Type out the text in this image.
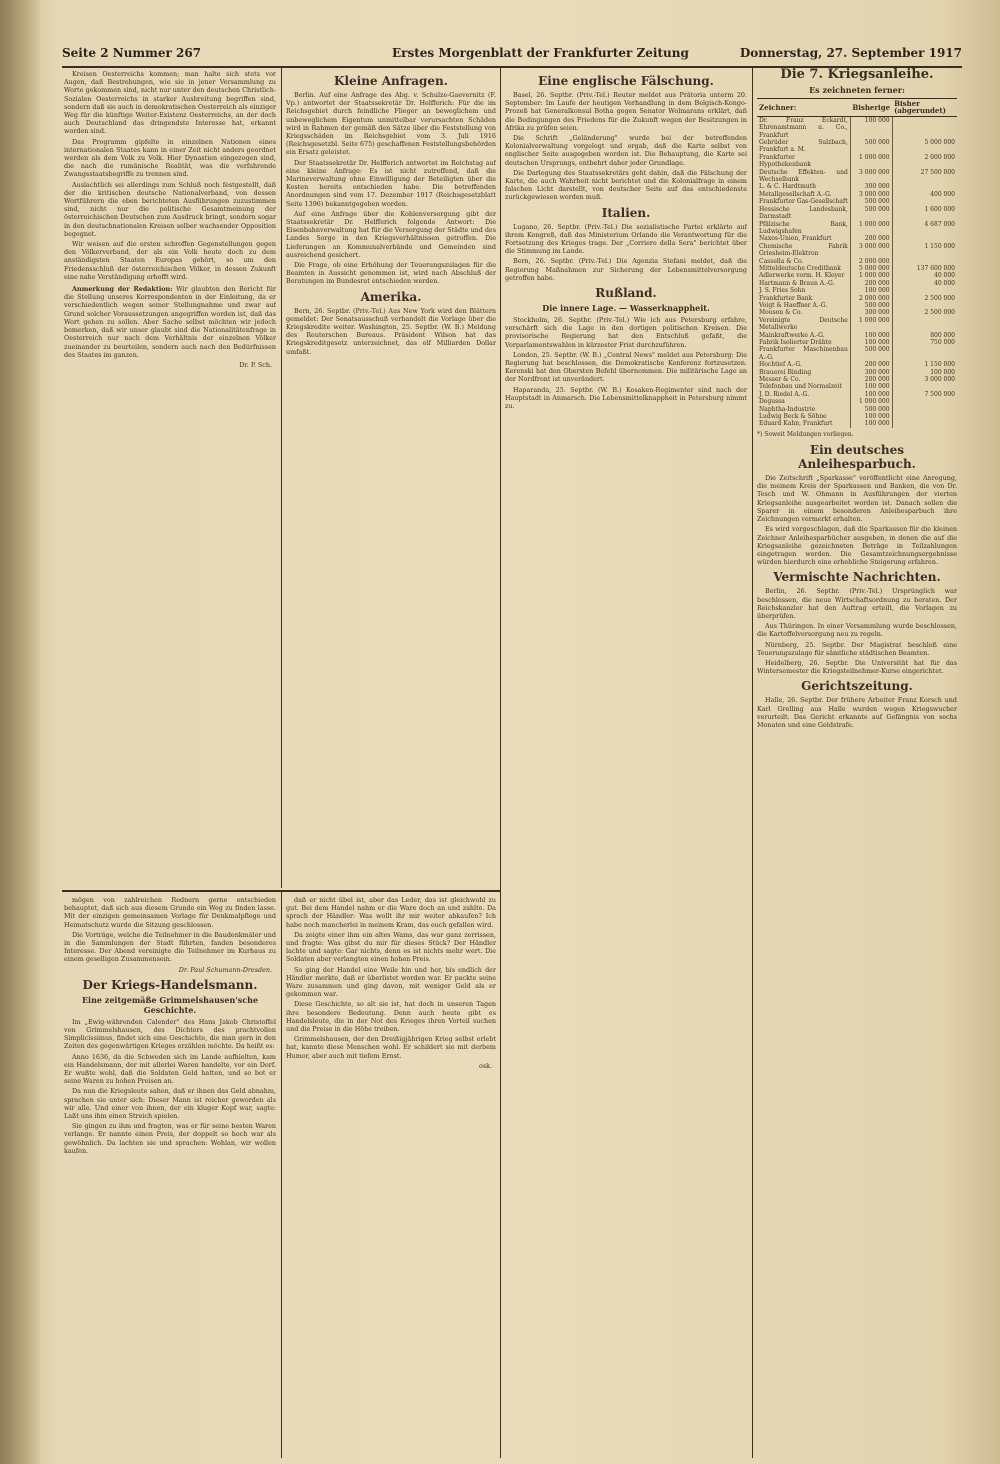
Seite 2 Nummer 267	Erstes Morgenblatt der Frankfurter Zeitung	Donnerstag, 27. September 1917

Kreisen Oesterreichs kommen; man halte sich stets vor Augen, daß Bestrebungen, wie sie in jener Versammlung zu Worte gekommen sind, nicht nur unter den deutschen Christlich-Sozialen Oesterreichs in starker Ausbreitung begriffen sind, sondern daß sie auch in demokratischen Oesterreich als einziger Weg für die künftige Weiter-Existenz Oesterreichs, an der doch auch Deutschland das dringendste Interesse hat, erkannt worden sind.

Das Programm gipfelte in einzelnen Nationen eines internationalen Staates kann in einer Zeit nicht anders geordnet werden als dem Volk zu Volk. Hier Dynastien eingezogen sind, die nach die rumänische Realität, was die verfahrende Zwangsstaatsbegriffe zu trennen sind.

Auslachtlich sei allerdings zum Schluß noch festgestellt, daß der die kritischen deutsche Nationalverband, von dessen Wortführern die eben berichteten Ausführungen zuzustimmen sind, nicht nur die politische Gesamtmeinung der österreichischen Deutschen zum Ausdruck bringt, sondern sogar in den deutschnationalen Kreisen selber wachsender Opposition begegnet.

Wir weisen auf die ersten schroffen Gegenstellungen gegen den Völkerverband, der als ein Volk heute doch zu dem anständigsten Staaten Europas gehört, so um den Friedensschluß der österreichischen Völker, in dessen Zukunft eine nahe Verständigung erhofft wird.

Anmerkung der Redaktion: Wir glaubten den Bericht für die Stellung unseres Korrespondenten in der Einleitung, da er verschiedentlich wegen seiner Stellungnahme und zwar auf Grund solcher Voraussetzungen angegriffen worden ist, daß das Wort gehen zu sollen. Aber Sache selbst möchten wir jedoch bemerken, daß wir unser glaubt sind die Nationalitätenfrage in Oesterreich nur nach dem Verhältnis der einzelnen Völker zueinander zu beurteilen, sondern auch nach den Bedürfnissen des Staates im ganzen.

Dr. P. Sch.
Kleine Anfragen.

Berlin. Auf eine Anfrage des Abg. v. Schulze-Gaevernitz (F. Vp.) antwortet der Staatssekretär Dr. Helfferich: Für die im Reichsgebiet durch feindliche Flieger an beweglichem und unbeweglichem Eigentum unmittelbar verursachten Schäden wird in Rahmen der gemäß den Sätze über die Feststellung von Kriegsschäden im Reichsgebiet vom 3. Juli 1916 (Reichsgesetzbl. Seite 675) geschaffenen Feststellungsbehörden ein Ersatz geleistet.

Der Staatssekretär Dr. Helfferich antwortet im Reichstag auf eine kleine Anfrage: Es ist nicht zutreffend, daß die Marineverwaltung ohne Einwilligung der Beteiligten über die Kosten bereits entschieden habe. Die betreffenden Anordnungen sind vom 17. Dezember 1917 (Reichsgesetzblatt Seite 1396) bekanntgegeben worden.

Auf eine Anfrage über die Kohlenversorgung gibt der Staatssekretär Dr. Helfferich folgende Antwort: Die Eisenbahnverwaltung hat für die Versorgung der Städte und des Landes Sorge in den Kriegsverhältnissen getroffen. Die Lieferungen an Kommunalverbände und Gemeinden sind ausreichend gesichert.

Die Frage, ob eine Erhöhung der Teuerungszulagen für die Beamten in Aussicht genommen ist, wird nach Abschluß der Beratungen im Bundesrat entschieden werden.

Amerika.

Bern, 26. Septbr. (Priv.-Tel.) Aus New York wird den Blättern gemeldet: Der Senatsausschuß verhandelt die Vorlage über die Kriegskredite weiter. Washington, 25. Septbr. (W. B.) Meldung des Reuterschen Bureaus. Präsident Wilson hat das Kriegskreditgesetz unterzeichnet, das elf Milliarden Dollar umfaßt.

Eine englische Fälschung.

Basel, 26. Septbr. (Priv.-Tel.) Reuter meldet aus Prätoria unterm 20. September: Im Laufe der heutigen Verhandlung in dem Belgisch-Kongo-Prozeß hat Generalkonsul Botha gegen Senator Wolmarans erklärt, daß die Bedingungen des Friedens für die Zukunft wegen der Besitzungen in Afrika zu prüfen seien.

Die Schrift „Geländerung" wurde bei der betreffenden Kolonialverwaltung vorgelegt und ergab, daß die Karte selbst von englischer Seite ausgegeben worden ist. Die Behauptung, die Karte sei deutschen Ursprungs, entbehrt daher jeder Grundlage.

Die Darlegung des Staatssekretärs geht dahin, daß die Fälschung der Karte, die auch Wahrheit nicht berichtet und die Kolonialfrage in einem falschen Licht darstellt, von deutscher Seite auf das entschiedenste zurückgewiesen werden muß.

Italien.

Lugano, 26. Septbr. (Priv.-Tel.) Die sozialistische Partei erklärte auf ihrem Kongreß, daß das Ministerium Orlando die Verantwortung für die Fortsetzung des Krieges trage. Der „Corriere della Sera" berichtet über die Stimmung im Lande.

Bern, 26. Septbr. (Priv.-Tel.) Die Agenzia Stefani meldet, daß die Regierung Maßnahmen zur Sicherung der Lebensmittelversorgung getroffen habe.

Rußland.
Die innere Lage. — Wasserknappheit.

Stockholm, 26. Septbr. (Priv.-Tel.) Wie ich aus Petersburg erfahre, verschärft sich die Lage in den dortigen politischen Kreisen. Die provisorische Regierung hat den Entschluß gefaßt, die Vorparlamentswahlen in kürzester Frist durchzuführen.

London, 25. Septbr. (W. B.) „Central News" meldet aus Petersburg: Die Regierung hat beschlossen, die Demokratische Konferenz fortzusetzen. Kerenski hat den Obersten Befehl übernommen. Die militärische Lage an der Nordfront ist unverändert.

Haparanda, 25. Septbr. (W. B.) Kosaken-Regimenter sind nach der Hauptstadt in Anmarsch. Die Lebensmittelknappheit in Petersburg nimmt zu.

Die 7. Kriegsanleihe.
Es zeichneten ferner:
Zeichner:	Bisherige	Bisher (abgerundet)
Dr. Franz Eckardt, Ehrenamtmann u. Co., Frankfurt	100 000	
Gebrüder Sulzbach, Frankfurt a. M.	500 000	5 000 000
Frankfurter Hypothekenbank	1 000 000	2 000 000
Deutsche Effekten- und Wechselbank	3 000 000	27 500 000
L. & C. Hardtmuth	300 000	
Metallgesellschaft A.-G.	3 000 000	400 000
Frankfurter Gas-Gesellschaft	500 000	
Hessische Landesbank, Darmstadt	500 000	1 600 000
Pfälzische Bank, Ludwigshafen	1 000 000	4 687 000
Naxos-Union, Frankfurt	200 000	
Chemische Fabrik Griesheim-Elektron	3 000 000	1 150 000
Cassella & Co.	2 000 000	
Mitteldeutsche Creditbank	5 000 000	137 600 000
Adlerwerke vorm. H. Kleyer	1 000 000	40 000
Hartmann & Braun A.-G.	200 000	40 000
J. S. Fries Sohn	100 000	
Frankfurter Bank	2 000 000	2 500 000
Voigt & Haeffner A.-G.	500 000	
Mouson & Co.	300 000	2 500 000
Vereinigte Deutsche Metallwerke	1 000 000	
Mainkraftwerke A.-G.	100 000	800 000
Fabrik Isolierter Drähte	100 000	750 000
Frankfurter Maschinenbau A.-G.	500 000	
Hochtief A.-G.	200 000	1 150 000
Brauerei Binding	300 000	100 000
Messer & Co.	200 000	3 000 000
Telefonbau und Normalzeit	100 000	
J. D. Riedel A.-G.	100 000	7 500 000
Degussa	1 000 000	
Naphtha-Industrie	500 000	
Ludwig Beck & Söhne	100 000	
Eduard Kahn, Frankfurt	100 000	
*) Soweit Meldungen vorliegen.
Ein deutsches Anleihesparbuch.

Die Zeitschrift „Sparkasse" veröffentlicht eine Anregung, die meinem Kreis der Sparkassen und Banken, die von Dr. Tesch und W. Ohmann in Ausführungen der vierten Kriegsanleihe ausgearbeitet worden ist. Danach sollen die Sparer in einem besonderen Anleihesparbuch ihre Zeichnungen vermerkt erhalten.

Es wird vorgeschlagen, daß die Sparkassen für die kleinen Zeichner Anleihesparbücher ausgeben, in denen die auf die Kriegsanleihe gezeichneten Beträge in Teilzahlungen eingetragen werden. Die Gesamtzeichnungsergebnisse würden hierdurch eine erhebliche Steigerung erfahren.

Vermischte Nachrichten.

Berlin, 26. Septbr. (Priv.-Tel.) Ursprünglich war beschlossen, die neue Wirtschaftsordnung zu beraten. Der Reichskanzler hat den Auftrag erteilt, die Vorlagen zu überprüfen.

Aus Thüringen. In einer Versammlung wurde beschlossen, die Kartoffelversorgung neu zu regeln.

Nürnberg, 25. Septbr. Der Magistrat beschloß eine Teuerungszulage für sämtliche städtischen Beamten.

Heidelberg, 26. Septbr. Die Universität hat für das Wintersemester die Kriegsteilnehmer-Kurse eingerichtet.

Gerichtszeitung.

Halle, 26. Septbr. Der frühere Arbeiter Franz Korsch und Karl Grelling aus Halle wurden wegen Kriegswucher verurteilt. Das Gericht erkannte auf Gefängnis von sechs Monaten und eine Geldstrafe.

mögen von zahlreichen Rednern gerne entschieden behauptet, daß sich aus diesem Grunde ein Weg zu finden lasse. Mit der einzigen gemeinsamen Vorlage für Denkmalpflege und Heimatschutz wurde die Sitzung geschlossen.

Die Vorträge, welche die Teilnehmer in die Baudenkmäler und in die Sammlungen der Stadt führten, fanden besonderes Interesse. Der Abend vereinigte die Teilnehmer im Kurhaus zu einem geselligen Zusammensein.

Dr. Paul Schumann-Dresden.
Der Kriegs-Handelsmann.
Eine zeitgemäße Grimmelshausen'sche Geschichte.

Im „Ewig-währenden Calender" des Hans Jakob Christoffel von Grimmelshausen, des Dichters des prachtvollen Simplicissimus, findet sich eine Geschichte, die man gern in den Zeiten des gegenwärtigen Krieges erzählen möchte. Da heißt es:

Anno 1636, da die Schweden sich im Lande aufhielten, kam ein Handelsmann, der mit allerlei Waren handelte, vor ein Dorf. Er wußte wohl, daß die Soldaten Geld hatten, und so bot er seine Waren zu hohen Preisen an.

Da nun die Kriegsleute sahen, daß er ihnen das Geld abnahm, sprachen sie unter sich: Dieser Mann ist reicher geworden als wir alle. Und einer von ihnen, der ein kluger Kopf war, sagte: Laßt uns ihm einen Streich spielen.

Sie gingen zu ihm und fragten, was er für seine besten Waren verlange. Er nannte einen Preis, der doppelt so hoch war als gewöhnlich. Da lachten sie und sprachen: Wohlan, wir wollen kaufen.

daß er nicht übel ist, aber das Leder, das ist gleichwohl zu gut. Bei dem Handel nahm er die Ware doch an und zahlte. Da sprach der Händler: Was wollt ihr mir weiter abkaufen? Ich habe noch mancherlei in meinem Kram, das euch gefallen wird.

Da zeigte einer ihm ein altes Wams, das war ganz zerrissen, und fragte: Was gibst du mir für dieses Stück? Der Händler lachte und sagte: Gar nichts, denn es ist nichts mehr wert. Die Soldaten aber verlangten einen hohen Preis.

So ging der Handel eine Weile hin und her, bis endlich der Händler merkte, daß er überlistet worden war. Er packte seine Ware zusammen und ging davon, mit weniger Geld als er gekommen war.

Diese Geschichte, so alt sie ist, hat doch in unseren Tagen ihre besondere Bedeutung. Denn auch heute gibt es Handelsleute, die in der Not des Krieges ihren Vorteil suchen und die Preise in die Höhe treiben.

Grimmelshausen, der den Dreißigjährigen Krieg selbst erlebt hat, kannte diese Menschen wohl. Er schildert sie mit derbem Humor, aber auch mit tiefem Ernst.

osk.
